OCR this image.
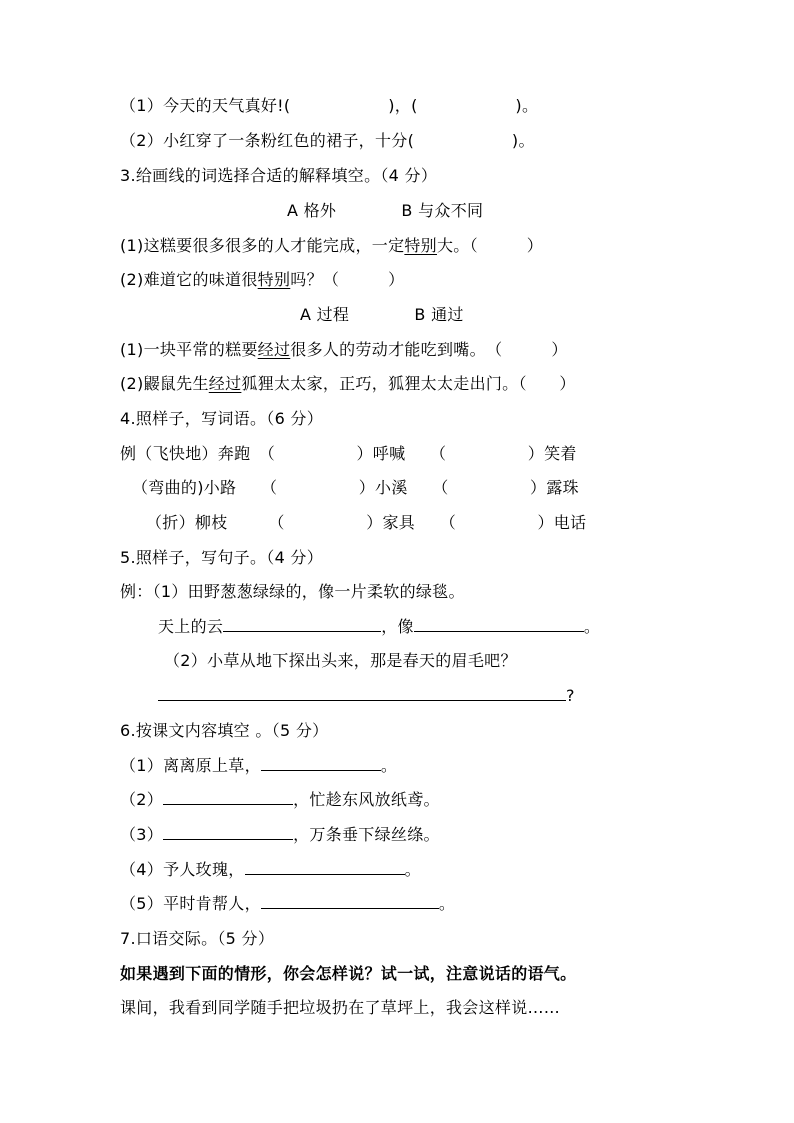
（1）今天的天气真好!(　　　　　　)，(　　　　　　)。
（2）小红穿了一条粉红色的裙子，十分(　　　　　　)。
3.给画线的词选择合适的解释填空。（4 分）
A 格外　　　　B 与众不同
(1)这糕要很多很多的人才能完成，一定特别大。（　　　）
(2)难道它的味道很特别吗？（　　　）
A 过程　　　　B 通过
(1)一块平常的糕要经过很多人的劳动才能吃到嘴。　（　　　）
(2)鼹鼠先生经过狐狸太太家，正巧，狐狸太太走出门。（　　）
4.照样子，写词语。（6 分）
例（飞快地）奔跑　（　　　　　）呼喊　　（　　　　　）笑着
（弯曲的)小路　　（　　　　　）小溪　　（　　　　　）露珠
（折）柳枝　　　（　　　　　）家具　　（　　　　　）电话
5.照样子，写句子。（4 分）
例：（1）田野葱葱绿绿的，像一片柔软的绿毯。
天上的云	，像	。
（2）小草从地下探出头来，那是春天的眉毛吧？
?
6.按课文内容填空 。（5 分）
（1）离离原上草，	。
（2）	，忙趁东风放纸鸢。
（3）	，万条垂下绿丝绦。
（4）予人玫瑰，	。
（5）平时肯帮人，	。
7.口语交际。（5 分）
如果遇到下面的情形，你会怎样说？试一试，注意说话的语气。
课间，我看到同学随手把垃圾扔在了草坪上，我会这样说……
